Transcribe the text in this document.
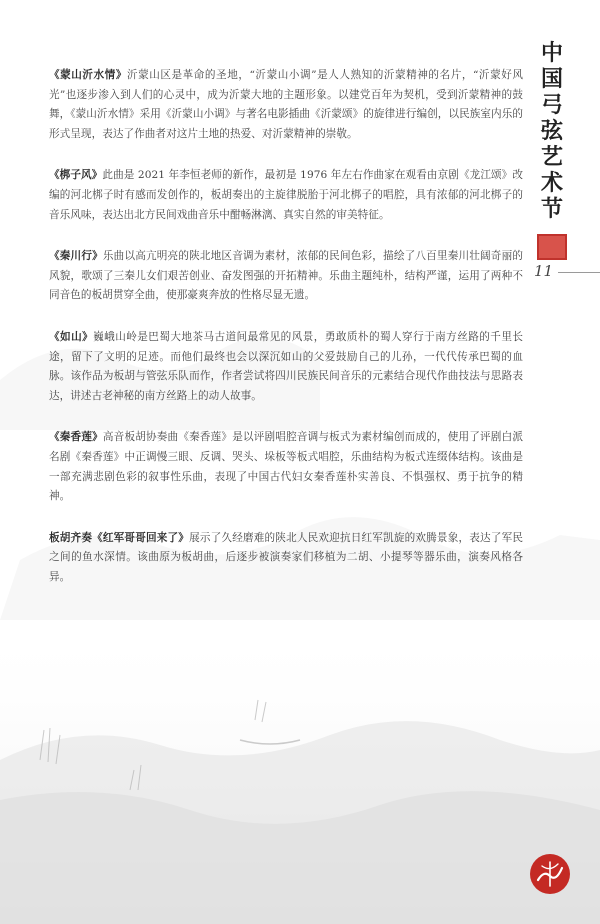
中
国
弓
弦
艺
术
节
11

《蒙山沂水情》沂蒙山区是革命的圣地，“沂蒙山小调”是人人熟知的沂蒙精神的名片，“沂蒙好风光”也逐步渗入到人们的心灵中，成为沂蒙大地的主题形象。以建党百年为契机，受到沂蒙精神的鼓舞，《蒙山沂水情》采用《沂蒙山小调》与著名电影插曲《沂蒙颂》的旋律进行编创，以民族室内乐的形式呈现，表达了作曲者对这片土地的热爱、对沂蒙精神的崇敬。

《梆子风》此曲是 2021 年李恒老师的新作，最初是 1976 年左右作曲家在观看由京剧《龙江颂》改编的河北梆子时有感而发创作的，板胡奏出的主旋律脱胎于河北梆子的唱腔，具有浓郁的河北梆子的音乐风味，表达出北方民间戏曲音乐中酣畅淋漓、真实自然的审美特征。

《秦川行》乐曲以高亢明亮的陕北地区音调为素材，浓郁的民间色彩，描绘了八百里秦川壮阔奇丽的风貌，歌颂了三秦儿女们艰苦创业、奋发图强的开拓精神。乐曲主题纯朴，结构严谨，运用了两种不同音色的板胡贯穿全曲，使那豪爽奔放的性格尽显无遗。

《如山》巍峨山岭是巴蜀大地茶马古道间最常见的风景，勇敢质朴的蜀人穿行于南方丝路的千里长途，留下了文明的足迹。而他们最终也会以深沉如山的父爱鼓励自己的儿孙，一代代传承巴蜀的血脉。该作品为板胡与管弦乐队而作，作者尝试将四川民族民间音乐的元素结合现代作曲技法与思路表达，讲述古老神秘的南方丝路上的动人故事。

《秦香莲》高音板胡协奏曲《秦香莲》是以评剧唱腔音调与板式为素材编创而成的，使用了评剧白派名剧《秦香莲》中正调慢三眼、反调、哭头、垛板等板式唱腔，乐曲结构为板式连缀体结构。该曲是一部充满悲剧色彩的叙事性乐曲，表现了中国古代妇女秦香莲朴实善良、不惧强权、勇于抗争的精神。

板胡齐奏《红军哥哥回来了》展示了久经磨难的陕北人民欢迎抗日红军凯旋的欢腾景象，表达了军民之间的鱼水深情。该曲原为板胡曲，后逐步被演奏家们移植为二胡、小提琴等器乐曲，演奏风格各异。
